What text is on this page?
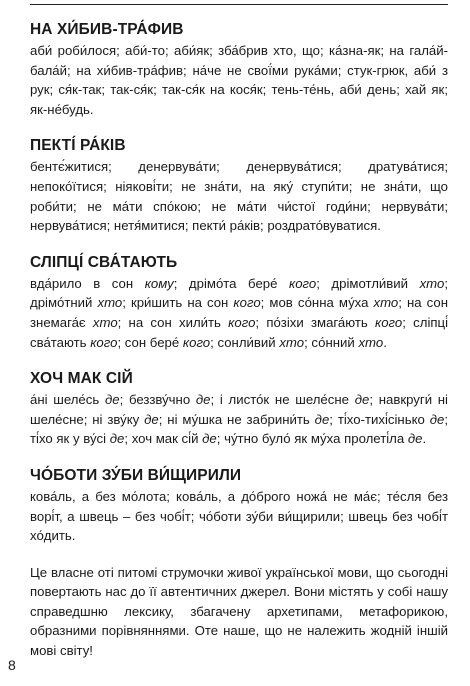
НА ХИ́БИВ-ТРА́ФИВ

аби́ роби́лося; аби́-то; аби́як; зба́брив хто, що; ка́зна-як; на гала́й-бала́й; на хи́бив-тра́фив; на́че не свої́ми рука́ми; стук-грюк, аби́ з рук; ся́к-так; так-ся́к; так-ся́к на кося́к; тень-те́нь, аби́ день; хай як; як-не́будь.

ПЕКТІ́ РА́КІВ

бентє́житися; денервува́ти; денервува́тися; дратува́тися; непоко́їтися; ніякові́ти; не зна́ти, на яку́ ступи́ти; не зна́ти, що роби́ти; не ма́ти спо́кою; не ма́ти чи́стої годи́ни; нервува́ти; нервува́тися; нетя́митися; пекти́ ра́ків; роздрато́вуватися.

СЛІПЦІ́ СВА́ТАЮТЬ

вда́рило в сон кому; дрімо́та бере́ кого; дрімотли́вий хто; дрімо́тний хто; кри́шить на сон кого; мов со́нна му́ха хто; на сон знемага́є хто; на сон хили́ть кого; по́зіхи змага́ють кого; сліпці́ сва́тають кого; сон бере́ кого; сонли́вий хто; со́нний хто.

ХОЧ МАК СІЙ

а́ні шеле́сь де; беззву́чно де; і листо́к не шеле́сне де; навкруги́ ні шеле́сне; ні зву́ку де; ні му́шка не забрини́ть де; ті́хо-тихі́сінько де; ті́хо як у ву́сі де; хоч мак сі́й де; чу́тно було́ як му́ха пролеті́ла де.

ЧО́БОТИ ЗУ́БИ ВИ́ЩИРИЛИ

кова́ль, а без мо́лота; кова́ль, а до́брого ножа́ не ма́є; те́сля без ворі́т, а швець – без чобі́т; чо́боти зу́би ви́щирили; швець без чобі́т хо́дить.

Це власне оті питомі струмочки живої української мови, що сьогодні повертають нас до її автентичних джерел. Вони містять у собі нашу справедшню лексику, збагачену архетипами, метафорикою, образними порівняннями. Оте наше, що не належить жодній іншій мові світу!

8
